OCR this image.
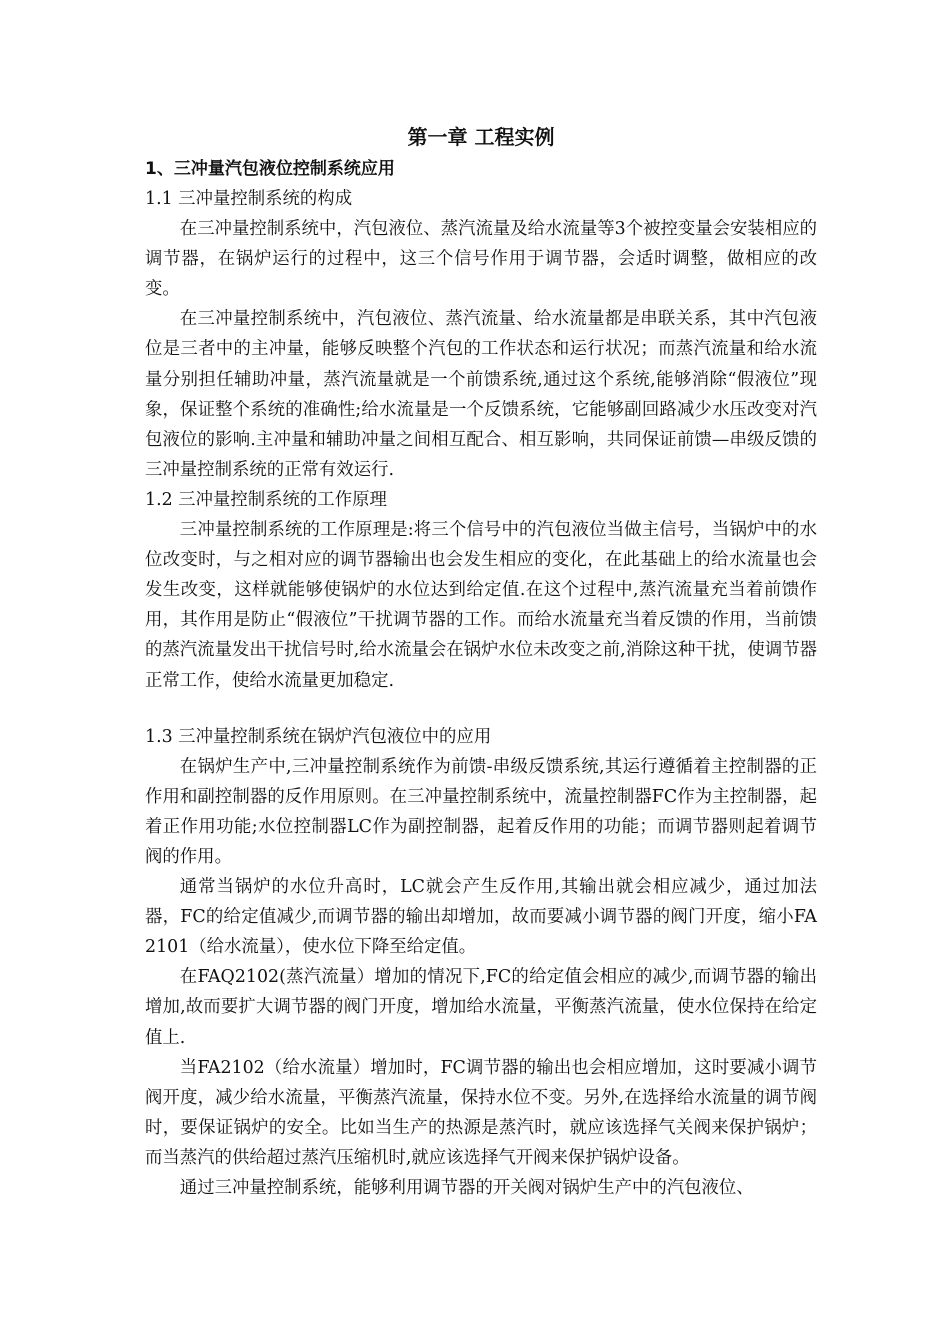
第一章 工程实例
1、三冲量汽包液位控制系统应用
1.1 三冲量控制系统的构成

在三冲量控制系统中，汽包液位、蒸汽流量及给水流量等3个被控变量会安装相应的调节器，在锅炉运行的过程中，这三个信号作用于调节器，会适时调整，做相应的改变。

在三冲量控制系统中，汽包液位、蒸汽流量、给水流量都是串联关系，其中汽包液位是三者中的主冲量，能够反映整个汽包的工作状态和运行状况；而蒸汽流量和给水流量分别担任辅助冲量，蒸汽流量就是一个前馈系统,通过这个系统,能够消除“假液位”现象，保证整个系统的准确性;给水流量是一个反馈系统，它能够副回路减少水压改变对汽包液位的影响.主冲量和辅助冲量之间相互配合、相互影响，共同保证前馈—串级反馈的三冲量控制系统的正常有效运行.

1.2 三冲量控制系统的工作原理

三冲量控制系统的工作原理是:将三个信号中的汽包液位当做主信号，当锅炉中的水位改变时，与之相对应的调节器输出也会发生相应的变化，在此基础上的给水流量也会发生改变，这样就能够使锅炉的水位达到给定值.在这个过程中,蒸汽流量充当着前馈作用，其作用是防止“假液位”干扰调节器的工作。而给水流量充当着反馈的作用，当前馈的蒸汽流量发出干扰信号时,给水流量会在锅炉水位未改变之前,消除这种干扰，使调节器正常工作，使给水流量更加稳定.

1.3 三冲量控制系统在锅炉汽包液位中的应用

在锅炉生产中,三冲量控制系统作为前馈-串级反馈系统,其运行遵循着主控制器的正作用和副控制器的反作用原则。在三冲量控制系统中，流量控制器FC作为主控制器，起着正作用功能;水位控制器LC作为副控制器，起着反作用的功能；而调节器则起着调节阀的作用。

通常当锅炉的水位升高时，LC就会产生反作用,其输出就会相应减少，通过加法器，FC的给定值减少,而调节器的输出却增加，故而要减小调节器的阀门开度，缩小FA2101（给水流量），使水位下降至给定值。

在FAQ2102(蒸汽流量）增加的情况下,FC的给定值会相应的减少,而调节器的输出增加,故而要扩大调节器的阀门开度，增加给水流量，平衡蒸汽流量，使水位保持在给定值上.

当FA2102（给水流量）增加时，FC调节器的输出也会相应增加，这时要减小调节阀开度，减少给水流量，平衡蒸汽流量，保持水位不变。另外,在选择给水流量的调节阀时，要保证锅炉的安全。比如当生产的热源是蒸汽时，就应该选择气关阀来保护锅炉；而当蒸汽的供给超过蒸汽压缩机时,就应该选择气开阀来保护锅炉设备。

通过三冲量控制系统，能够利用调节器的开关阀对锅炉生产中的汽包液位、
